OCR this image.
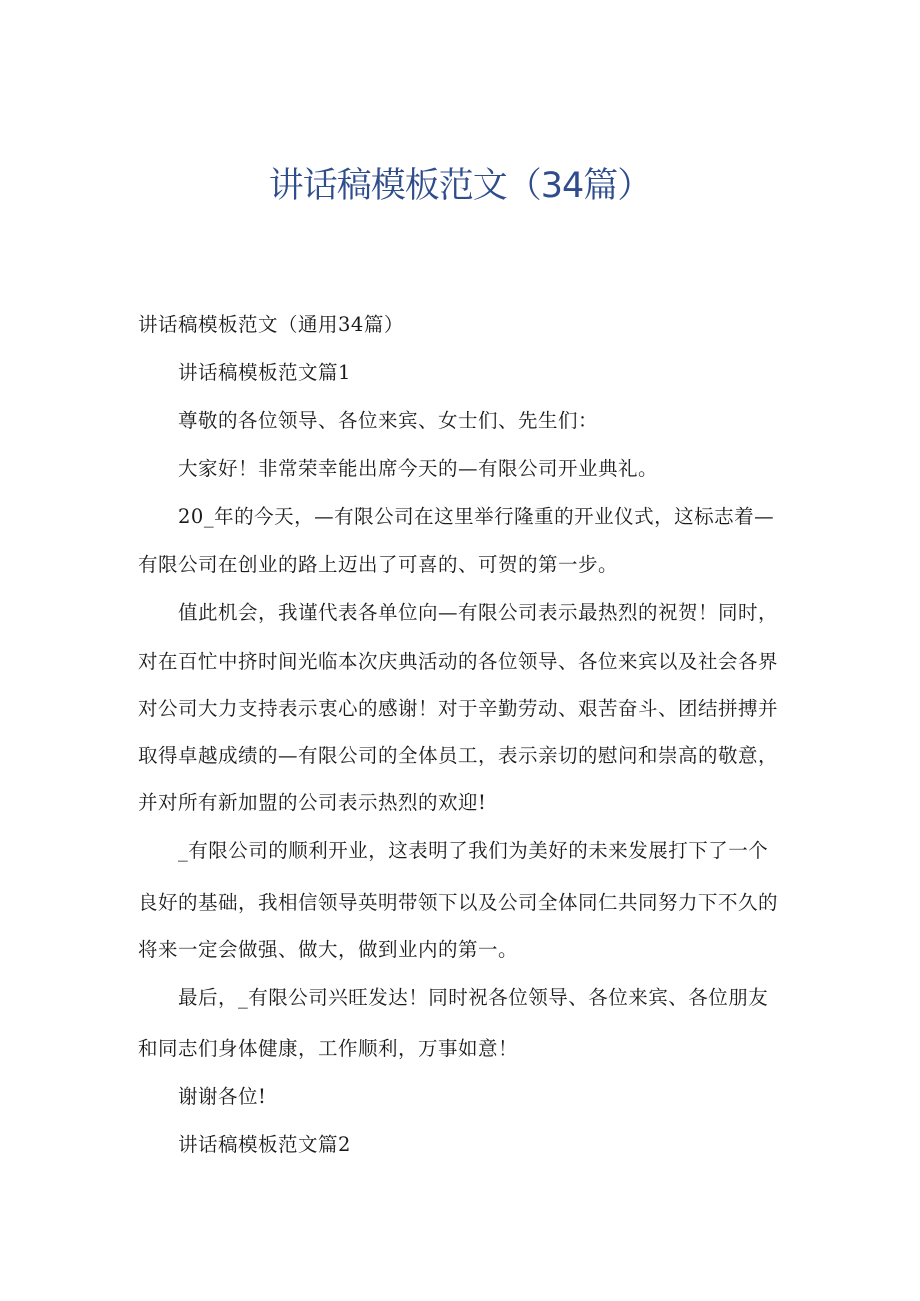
讲话稿模板范文（34篇）
讲话稿模板范文（通用34篇）
讲话稿模板范文篇1
尊敬的各位领导、各位来宾、女士们、先生们：
大家好！非常荣幸能出席今天的—有限公司开业典礼。
20_年的今天，—有限公司在这里举行隆重的开业仪式，这标志着—
有限公司在创业的路上迈出了可喜的、可贺的第一步。
值此机会，我谨代表各单位向—有限公司表示最热烈的祝贺！同时，
对在百忙中挤时间光临本次庆典活动的各位领导、各位来宾以及社会各界
对公司大力支持表示衷心的感谢！对于辛勤劳动、艰苦奋斗、团结拼搏并
取得卓越成绩的—有限公司的全体员工，表示亲切的慰问和崇高的敬意，
并对所有新加盟的公司表示热烈的欢迎!
_有限公司的顺利开业，这表明了我们为美好的未来发展打下了一个
良好的基础，我相信领导英明带领下以及公司全体同仁共同努力下不久的
将来一定会做强、做大，做到业内的第一。
最后，_有限公司兴旺发达！同时祝各位领导、各位来宾、各位朋友
和同志们身体健康，工作顺利，万事如意！
谢谢各位!
讲话稿模板范文篇2
